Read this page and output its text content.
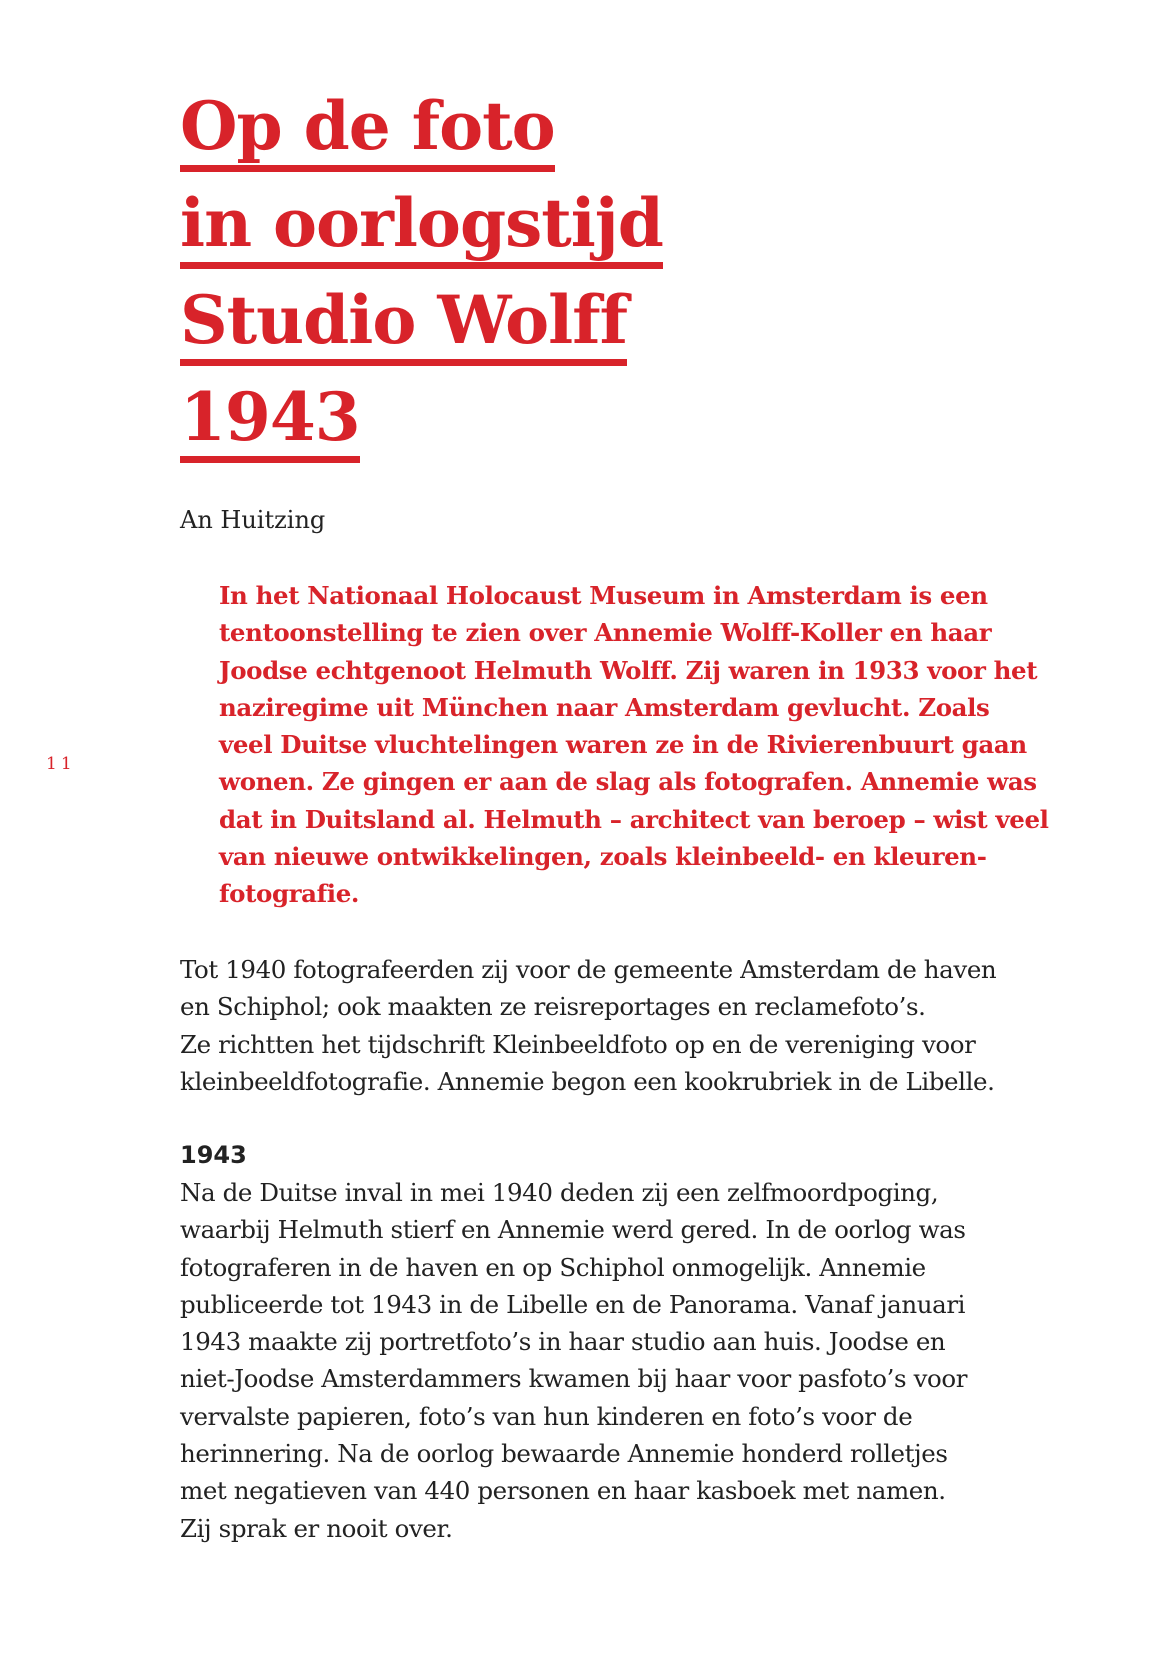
Op de foto
in oorlogstijd
Studio Wolff
1943
An Huitzing
11

In het Nationaal Holocaust Museum in Amsterdam is een
tentoonstelling te zien over Annemie Wolff-Koller en haar
Joodse echtgenoot Helmuth Wolff. Zij waren in 1933 voor het
naziregime uit München naar Amsterdam gevlucht. Zoals
veel Duitse vluchtelingen waren ze in de Rivierenbuurt gaan
wonen. Ze gingen er aan de slag als fotografen. Annemie was
dat in Duitsland al. Helmuth – architect van beroep – wist veel
van nieuwe ontwikkelingen, zoals kleinbeeld- en kleuren-
fotografie.

Tot 1940 fotografeerden zij voor de gemeente Amsterdam de haven
en Schiphol; ook maakten ze reisreportages en reclamefoto’s.
Ze richtten het tijdschrift Kleinbeeldfoto op en de vereniging voor
kleinbeeldfotografie. Annemie begon een kookrubriek in de Libelle.

1943

Na de Duitse inval in mei 1940 deden zij een zelfmoordpoging,
waarbij Helmuth stierf en Annemie werd gered. In de oorlog was
fotograferen in de haven en op Schiphol onmogelijk. Annemie
publiceerde tot 1943 in de Libelle en de Panorama. Vanaf januari
1943 maakte zij portretfoto’s in haar studio aan huis. Joodse en
niet-Joodse Amsterdammers kwamen bij haar voor pasfoto’s voor
vervalste papieren, foto’s van hun kinderen en foto’s voor de
herinnering. Na de oorlog bewaarde Annemie honderd rolletjes
met negatieven van 440 personen en haar kasboek met namen.
Zij sprak er nooit over.
